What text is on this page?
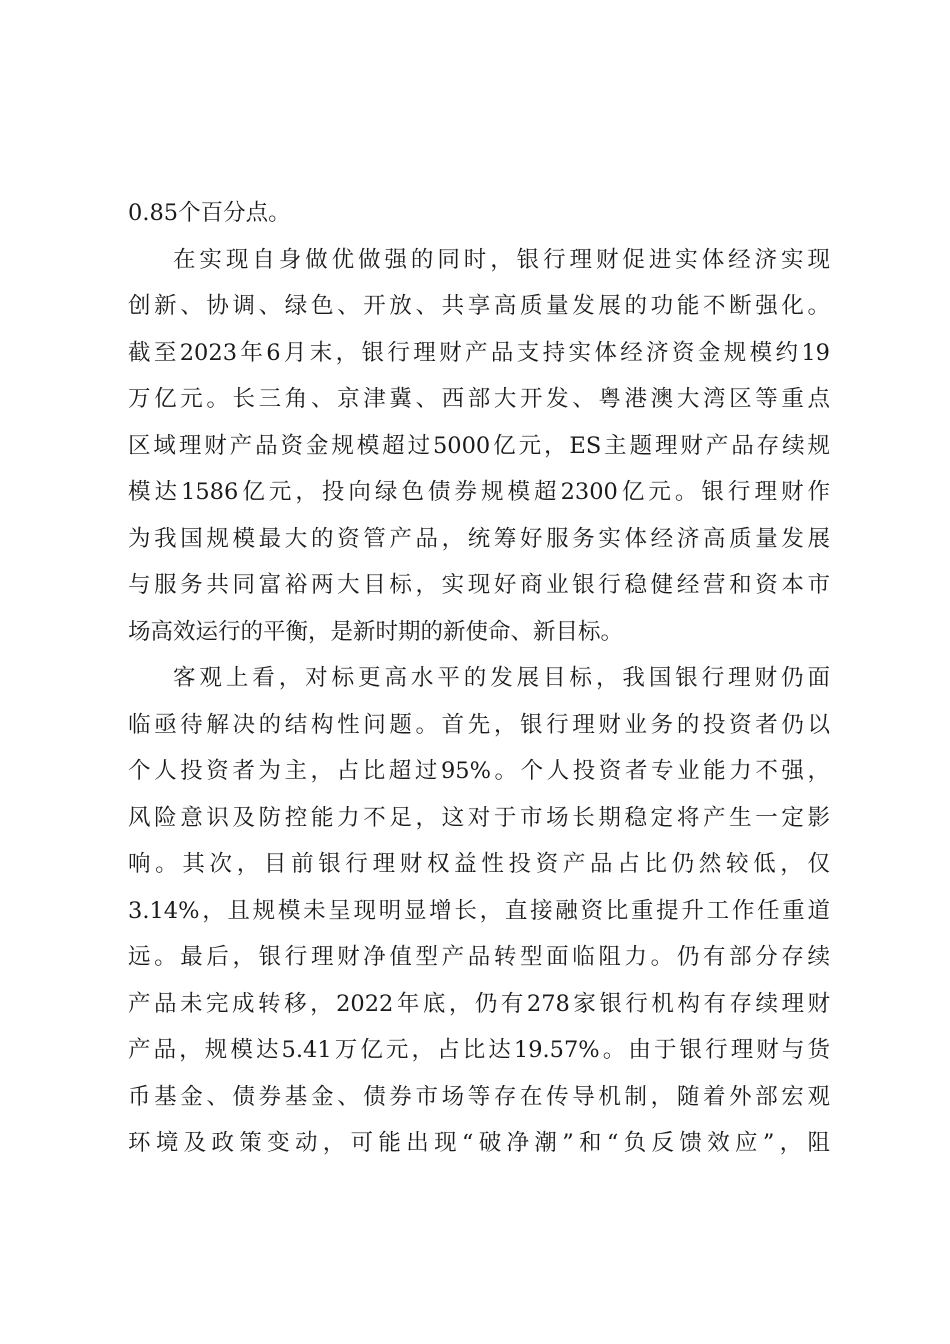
0.85个百分点。
在实现自身做优做强的同时，银行理财促进实体经济实现
创新、协调、绿色、开放、共享高质量发展的功能不断强化。
截至2023年6月末，银行理财产品支持实体经济资金规模约19
万亿元。长三角、京津冀、西部大开发、粤港澳大湾区等重点
区域理财产品资金规模超过5000亿元，ES主题理财产品存续规
模达1586亿元，投向绿色债券规模超2300亿元。银行理财作
为我国规模最大的资管产品，统筹好服务实体经济高质量发展
与服务共同富裕两大目标，实现好商业银行稳健经营和资本市
场高效运行的平衡，是新时期的新使命、新目标。
客观上看，对标更高水平的发展目标，我国银行理财仍面
临亟待解决的结构性问题。首先，银行理财业务的投资者仍以
个人投资者为主，占比超过95%。个人投资者专业能力不强，
风险意识及防控能力不足，这对于市场长期稳定将产生一定影
响。其次，目前银行理财权益性投资产品占比仍然较低，仅
3.14%，且规模未呈现明显增长，直接融资比重提升工作任重道
远。最后，银行理财净值型产品转型面临阻力。仍有部分存续
产品未完成转移，2022年底，仍有278家银行机构有存续理财
产品，规模达5.41万亿元，占比达19.57%。由于银行理财与货
币基金、债券基金、债券市场等存在传导机制，随着外部宏观
环境及政策变动，可能出现“破净潮”和“负反馈效应”，阻
